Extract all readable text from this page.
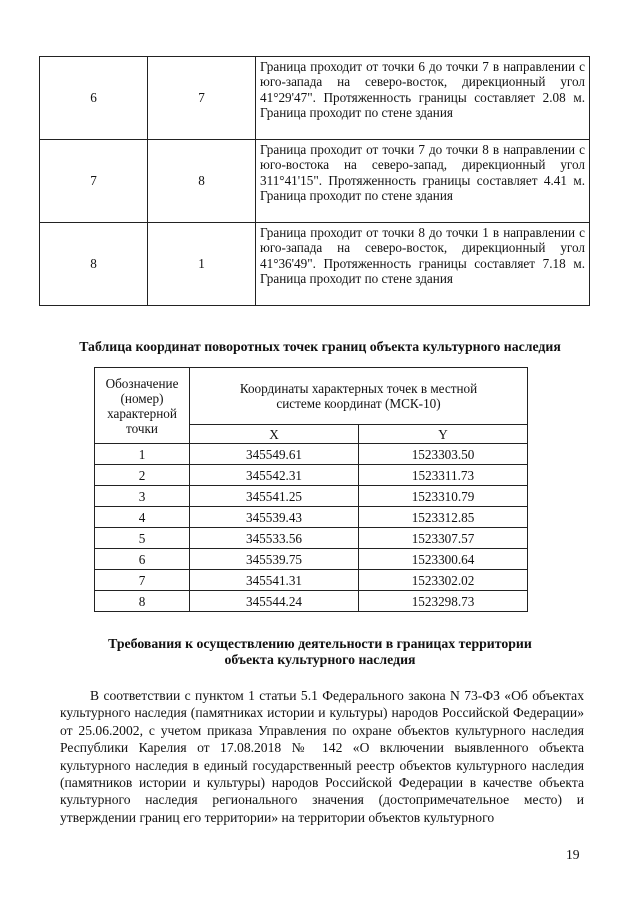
6	7	Граница проходит от точки 6 до точки 7 в направлении с юго-запада на северо-восток, дирекционный угол 41°29'47". Протяженность границы составляет 2.08 м. Граница проходит по стене здания
7	8	Граница проходит от точки 7 до точки 8 в направлении с юго-востока на северо-запад, дирекционный угол 311°41'15". Протяженность границы составляет 4.41 м. Граница проходит по стене здания
8	1	Граница проходит от точки 8 до точки 1 в направлении с юго-запада на северо-восток, дирекционный угол 41°36'49". Протяженность границы составляет 7.18 м. Граница проходит по стене здания
Таблица координат поворотных точек границ объекта культурного наследия
Обозначение (номер) характерной точки	Координаты характерных точек в местной системе координат (МСК-10)	
	X	Y
1	345549.61	1523303.50
2	345542.31	1523311.73
3	345541.25	1523310.79
4	345539.43	1523312.85
5	345533.56	1523307.57
6	345539.75	1523300.64
7	345541.31	1523302.02
8	345544.24	1523298.73
Требования к осуществлению деятельности в границах территории
объекта культурного наследия
В соответствии с пунктом 1 статьи 5.1 Федерального закона N 73-ФЗ «Об объектах культурного наследия (памятниках истории и культуры) народов Российской Федерации» от 25.06.2002, с учетом приказа Управления по охране объектов культурного наследия Республики Карелия от 17.08.2018 № 142 «О включении выявленного объекта культурного наследия в единый государственный реестр объектов культурного наследия (памятников истории и культуры) народов Российской Федерации в качестве объекта культурного наследия регионального значения (достопримечательное место) и утверждении границ его территории» на территории объектов культурного
19
